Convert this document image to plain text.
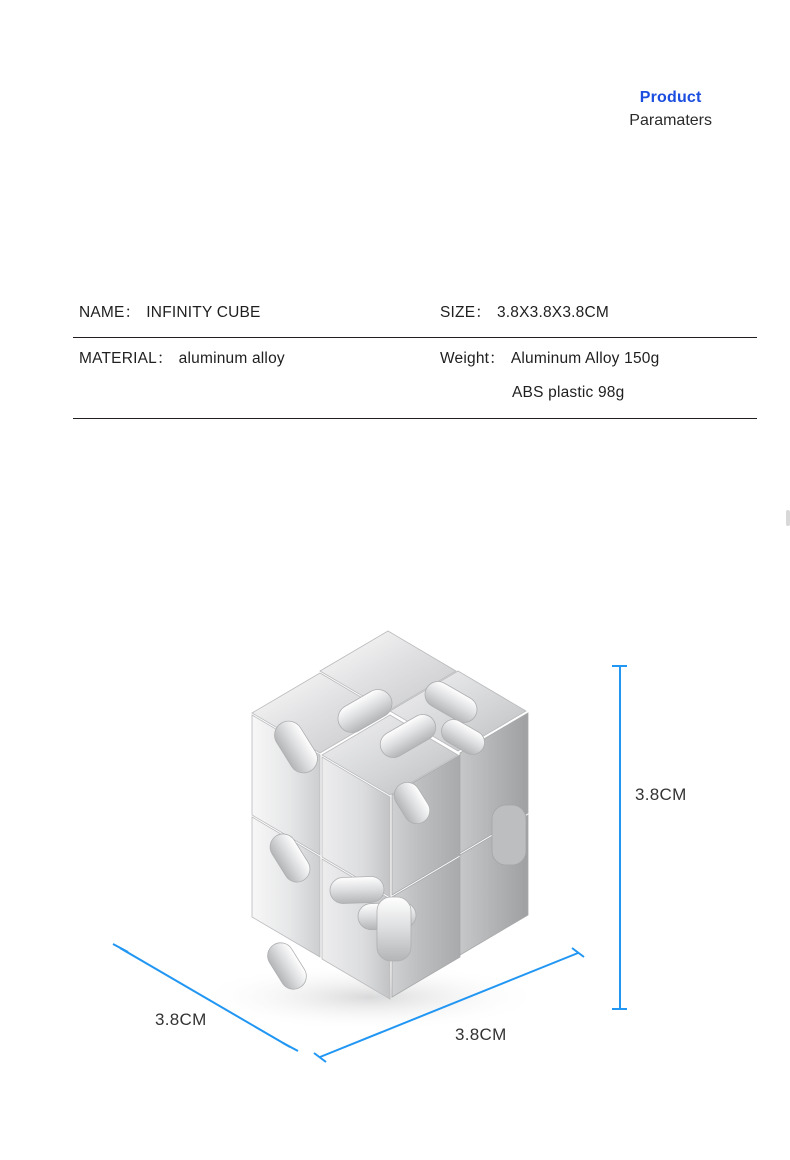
Product
Paramaters
NAME： INFINITY CUBE	SIZE： 3.8X3.8X3.8CM
MATERIAL： aluminum alloy	Weight： Aluminum Alloy 150g
ABS plastic 98g
3.8CM
3.8CM
3.8CM
